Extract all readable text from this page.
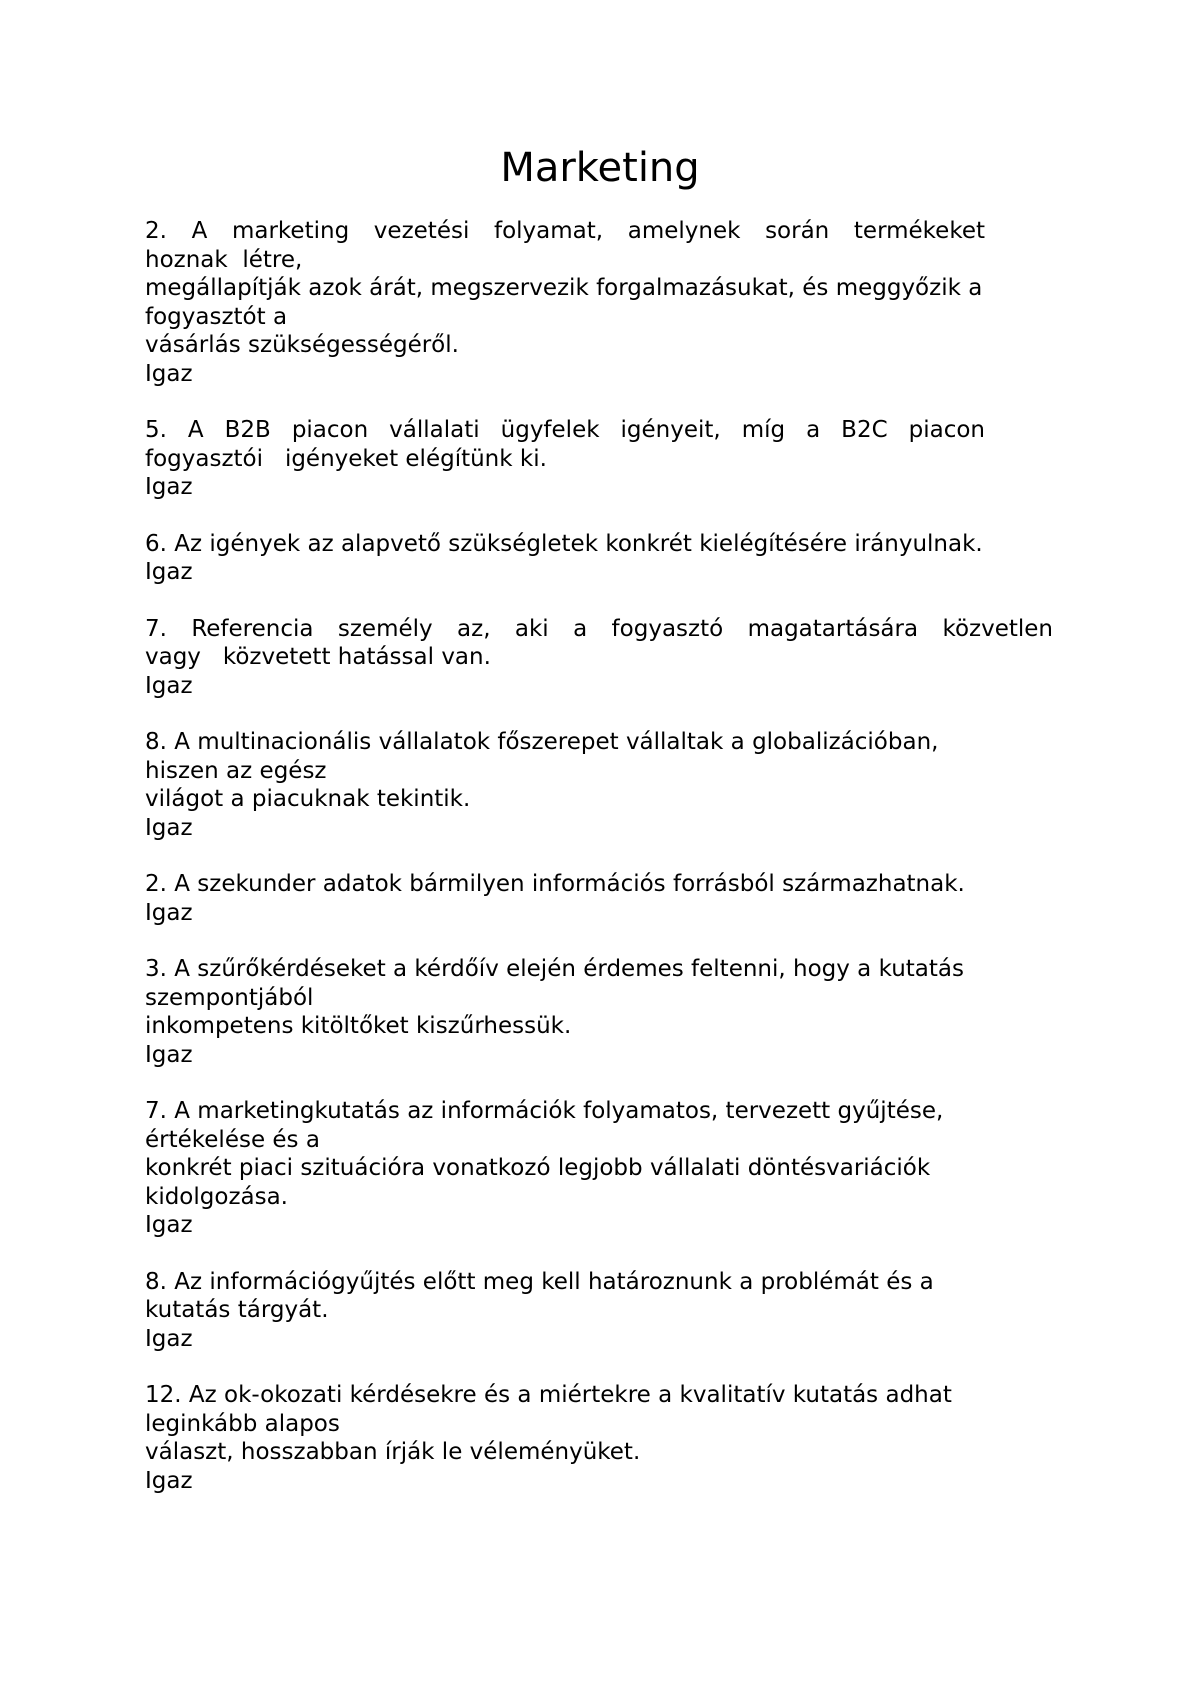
Marketing

2. A marketing vezetési folyamat, amelynek során termékeket

hoznak  létre,

megállapítják azok árát, megszervezik forgalmazásukat, és meggyőzik a

fogyasztót a

vásárlás szükségességéről.

Igaz

5. A B2B piacon vállalati ügyfelek igényeit, míg a B2C piacon

fogyasztói   igényeket elégítünk ki.

Igaz

6. Az igények az alapvető szükségletek konkrét kielégítésére irányulnak.

Igaz

7. Referencia személy az, aki a fogyasztó magatartására közvetlen

vagy   közvetett hatással van.

Igaz

8. A multinacionális vállalatok főszerepet vállaltak a globalizációban,

hiszen az egész

világot a piacuknak tekintik.

Igaz

2. A szekunder adatok bármilyen információs forrásból származhatnak.

Igaz

3. A szűrőkérdéseket a kérdőív elején érdemes feltenni, hogy a kutatás

szempontjából

inkompetens kitöltőket kiszűrhessük.

Igaz

7. A marketingkutatás az információk folyamatos, tervezett gyűjtése,

értékelése és a

konkrét piaci szituációra vonatkozó legjobb vállalati döntésvariációk

kidolgozása.

Igaz

8. Az információgyűjtés előtt meg kell határoznunk a problémát és a

kutatás tárgyát.

Igaz

12. Az ok-okozati kérdésekre és a miértekre a kvalitatív kutatás adhat

leginkább alapos

választ, hosszabban írják le véleményüket.

Igaz
